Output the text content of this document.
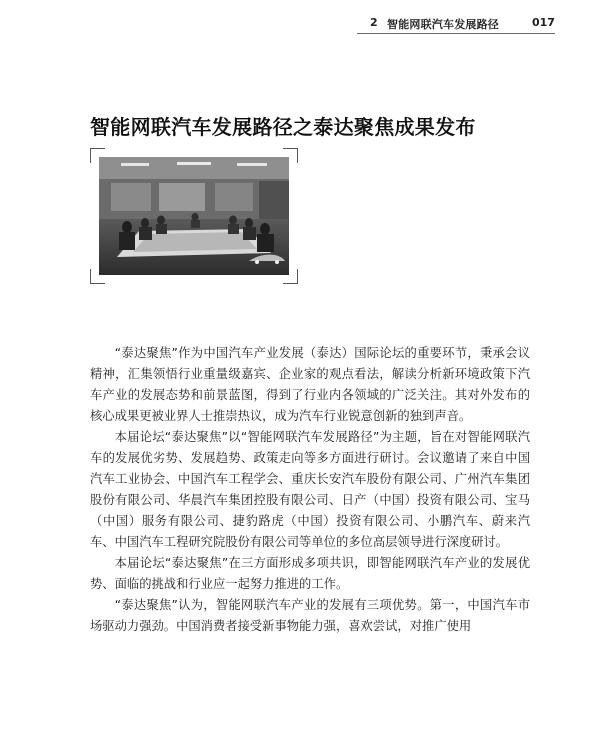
2 智能网联汽车发展路径	017
智能网联汽车发展路径之泰达聚焦成果发布

“泰达聚焦”作为中国汽车产业发展（泰达）国际论坛的重要环节，秉承会议精神，汇集领悟行业重量级嘉宾、企业家的观点看法，解读分析新环境政策下汽车产业的发展态势和前景蓝图，得到了行业内各领域的广泛关注。其对外发布的核心成果更被业界人士推崇热议，成为汽车行业锐意创新的独到声音。

本届论坛“泰达聚焦”以“智能网联汽车发展路径”为主题，旨在对智能网联汽车的发展优劣势、发展趋势、政策走向等多方面进行研讨。会议邀请了来自中国汽车工业协会、中国汽车工程学会、重庆长安汽车股份有限公司、广州汽车集团股份有限公司、华晨汽车集团控股有限公司、日产（中国）投资有限公司、宝马（中国）服务有限公司、捷豹路虎（中国）投资有限公司、小鹏汽车、蔚来汽车、中国汽车工程研究院股份有限公司等单位的多位高层领导进行深度研讨。

本届论坛“泰达聚焦”在三方面形成多项共识，即智能网联汽车产业的发展优势、面临的挑战和行业应一起努力推进的工作。

“泰达聚焦”认为，智能网联汽车产业的发展有三项优势。第一，中国汽车市场驱动力强劲。中国消费者接受新事物能力强，喜欢尝试，对推广使用
